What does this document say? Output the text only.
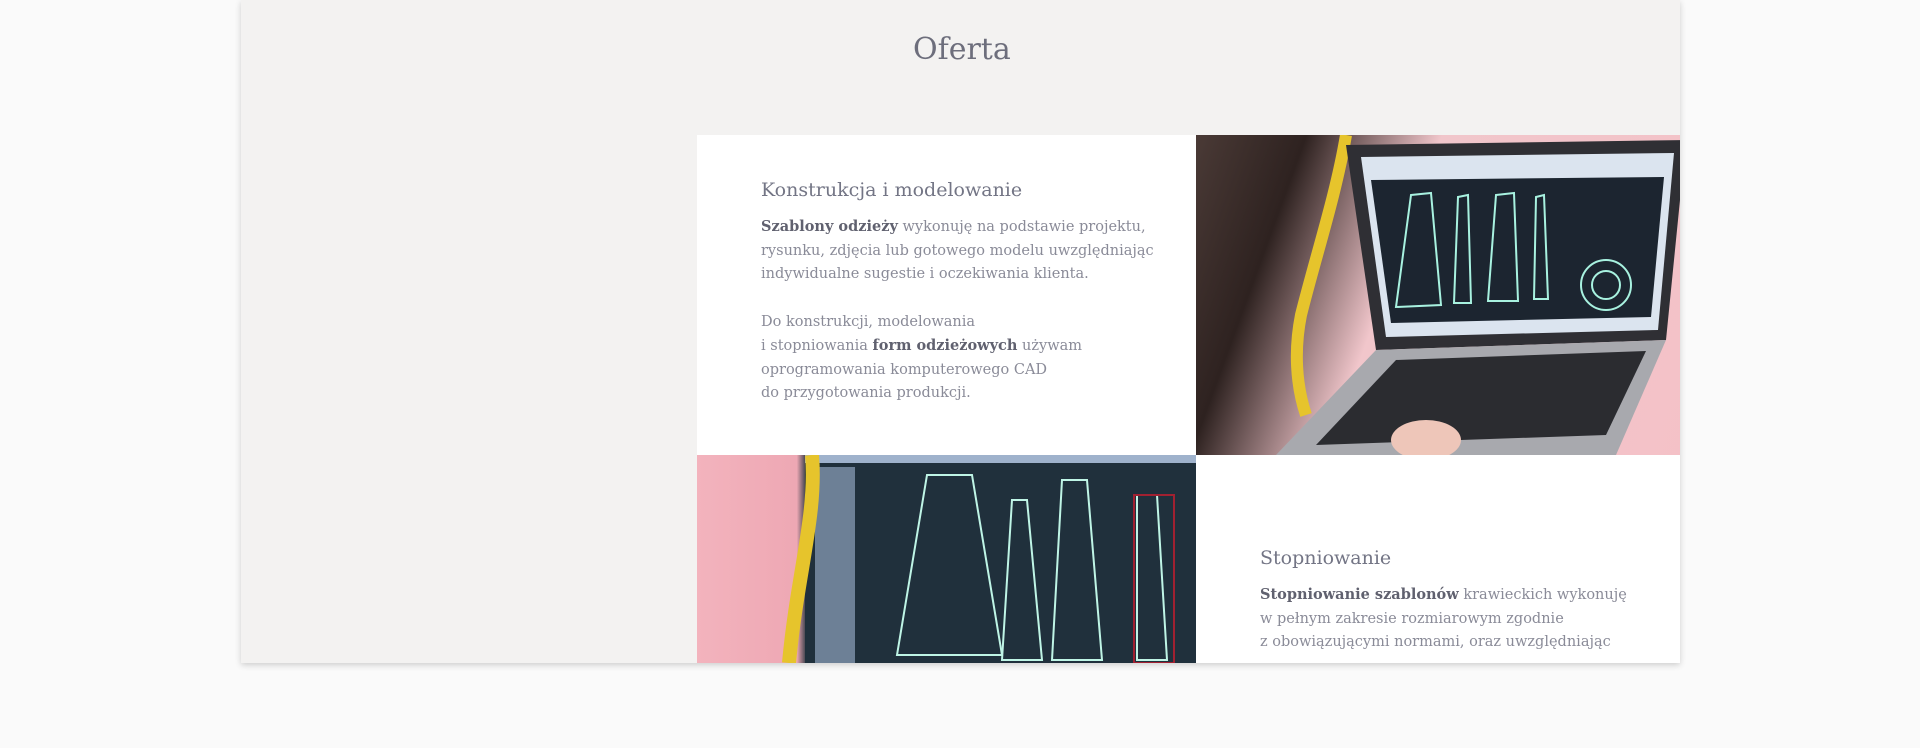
Oferta
Konstrukcja i modelowanie

Szablony odzieży wykonuję na podstawie projektu,
rysunku, zdjęcia lub gotowego modelu uwzględniając
indywidualne sugestie i oczekiwania klienta.

Do konstrukcji, modelowania
i stopniowania form odzieżowych używam
oprogramowania komputerowego CAD
do przygotowania produkcji.

Stopniowanie

Stopniowanie szablonów krawieckich wykonuję
w pełnym zakresie rozmiarowym zgodnie
z obowiązującymi normami, oraz uwzględniając
